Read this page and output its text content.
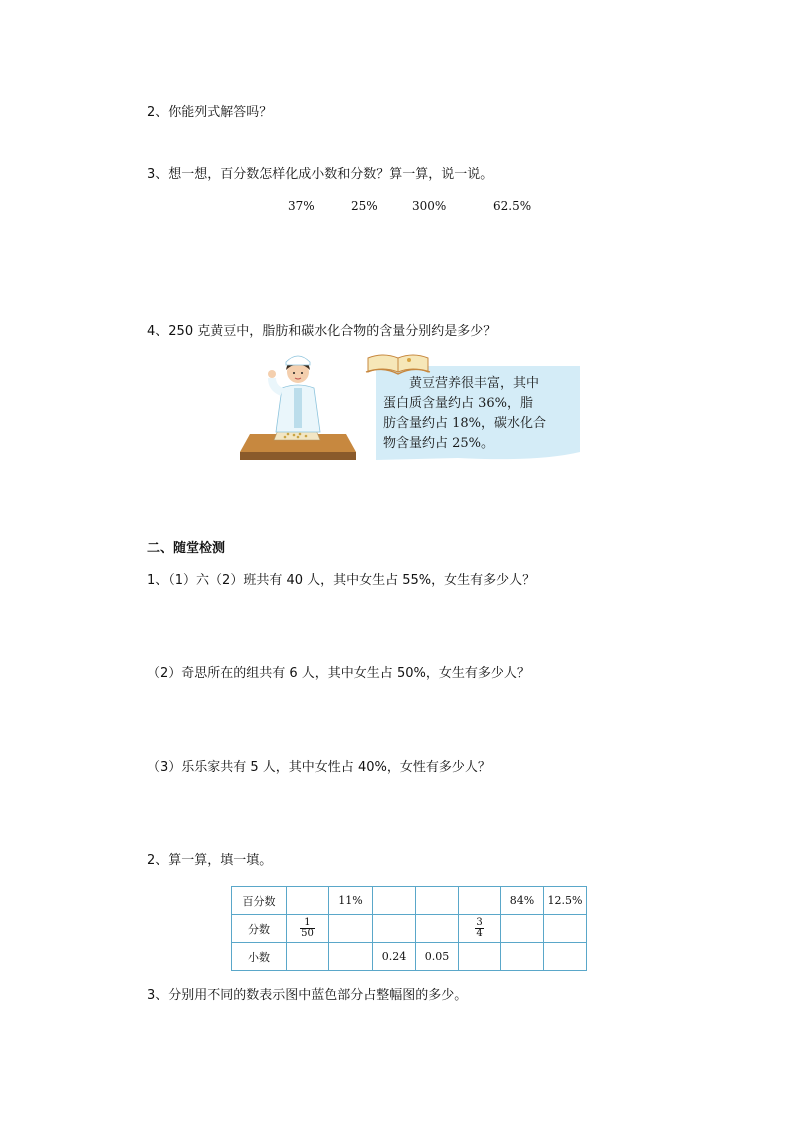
2、你能列式解答吗？
3、想一想，百分数怎样化成小数和分数？算一算，说一说。
37%	25%	300%	62.5%
4、250 克黄豆中，脂肪和碳水化合物的含量分别约是多少？
黄豆营养很丰富，其中
蛋白质含量约占 36%，脂
肪含量约占 18%，碳水化合
物含量约占 25%。
二、随堂检测
1、（1）六（2）班共有 40 人，其中女生占 55%，女生有多少人？
（2）奇思所在的组共有 6 人，其中女生占 50%，女生有多少人？
（3）乐乐家共有 5 人，其中女性占 40%，女性有多少人？
2、算一算，填一填。
百分数		11%				84%	12.5%
分数	$\frac{1}{50}$				$\frac{3}{4}$

小数			0.24	0.05			
3、分别用不同的数表示图中蓝色部分占整幅图的多少。
